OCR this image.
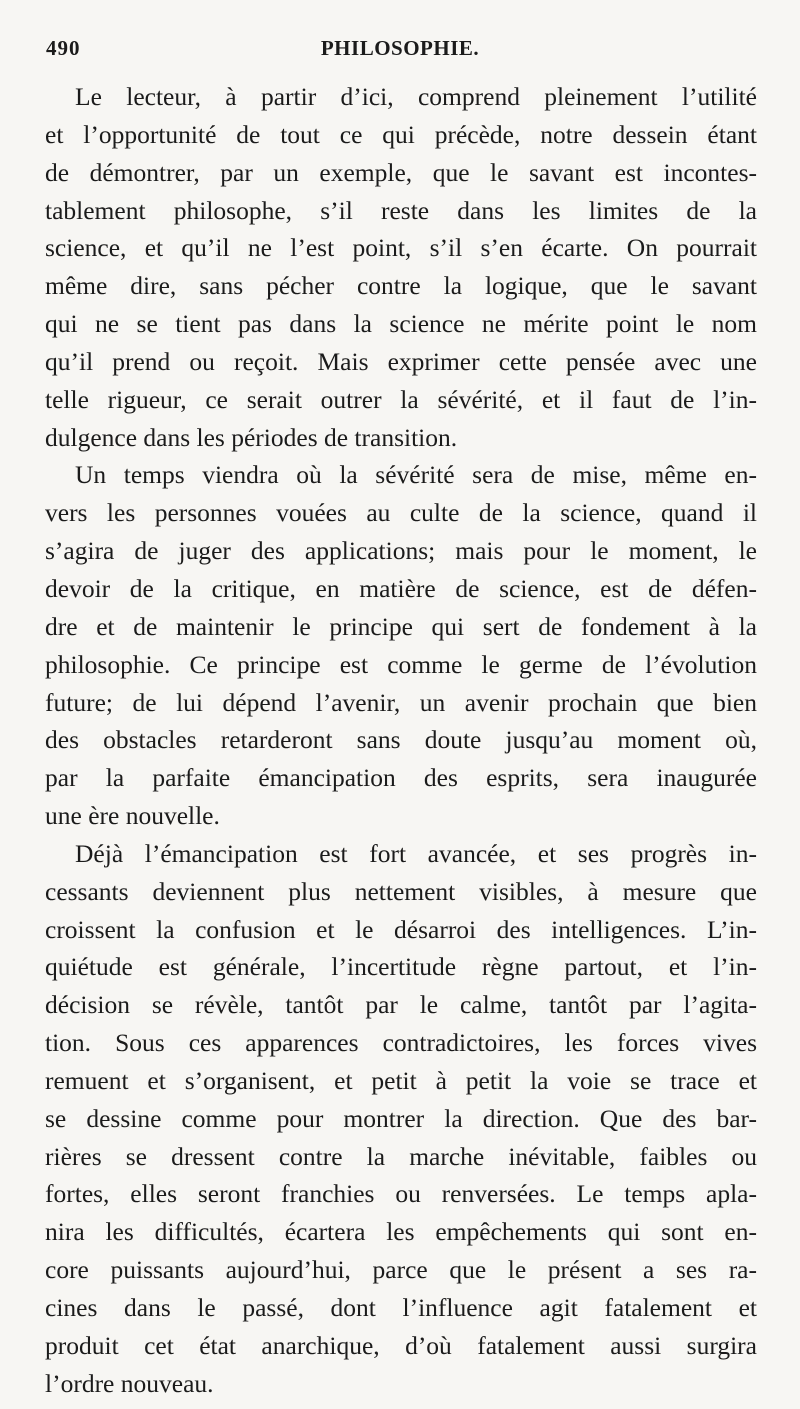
490	PHILOSOPHIE.
Le lecteur, à partir d’ici, comprend pleinement l’utilité
et l’opportunité de tout ce qui précède, notre dessein étant
de démontrer, par un exemple, que le savant est incontes-
tablement philosophe, s’il reste dans les limites de la
science, et qu’il ne l’est point, s’il s’en écarte. On pourrait
même dire, sans pécher contre la logique, que le savant
qui ne se tient pas dans la science ne mérite point le nom
qu’il prend ou reçoit. Mais exprimer cette pensée avec une
telle rigueur, ce serait outrer la sévérité, et il faut de l’in-
dulgence dans les périodes de transition.
Un temps viendra où la sévérité sera de mise, même en-
vers les personnes vouées au culte de la science, quand il
s’agira de juger des applications; mais pour le moment, le
devoir de la critique, en matière de science, est de défen-
dre et de maintenir le principe qui sert de fondement à la
philosophie. Ce principe est comme le germe de l’évolution
future; de lui dépend l’avenir, un avenir prochain que bien
des obstacles retarderont sans doute jusqu’au moment où,
par la parfaite émancipation des esprits, sera inaugurée
une ère nouvelle.
Déjà l’émancipation est fort avancée, et ses progrès in-
cessants deviennent plus nettement visibles, à mesure que
croissent la confusion et le désarroi des intelligences. L’in-
quiétude est générale, l’incertitude règne partout, et l’in-
décision se révèle, tantôt par le calme, tantôt par l’agita-
tion. Sous ces apparences contradictoires, les forces vives
remuent et s’organisent, et petit à petit la voie se trace et
se dessine comme pour montrer la direction. Que des bar-
rières se dressent contre la marche inévitable, faibles ou
fortes, elles seront franchies ou renversées. Le temps apla-
nira les difficultés, écartera les empêchements qui sont en-
core puissants aujourd’hui, parce que le présent a ses ra-
cines dans le passé, dont l’influence agit fatalement et
produit cet état anarchique, d’où fatalement aussi surgira
l’ordre nouveau.
